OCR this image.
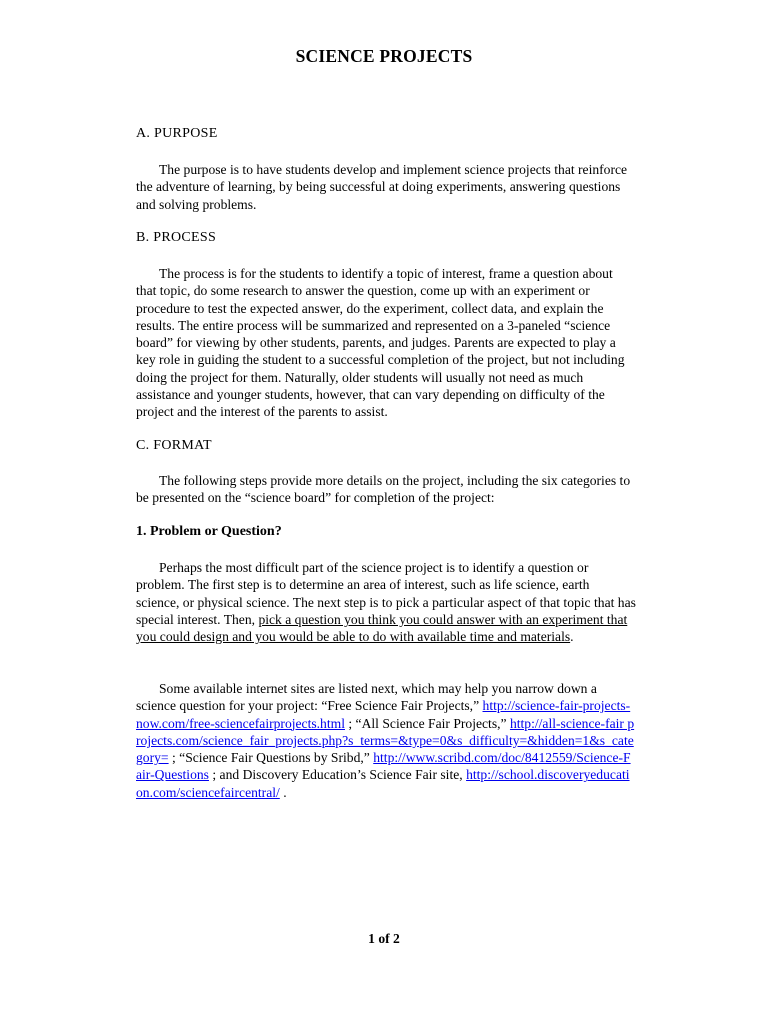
SCIENCE PROJECTS
A. PURPOSE

The purpose is to have students develop and implement science projects that reinforce the adventure of learning, by being successful at doing experiments, answering questions and solving problems.

B. PROCESS

The process is for the students to identify a topic of interest, frame a question about that topic, do some research to answer the question, come up with an experiment or procedure to test the expected answer, do the experiment, collect data, and explain the results. The entire process will be summarized and represented on a 3-paneled “science board” for viewing by other students, parents, and judges. Parents are expected to play a key role in guiding the student to a successful completion of the project, but not including doing the project for them. Naturally, older students will usually not need as much assistance and younger students, however, that can vary depending on difficulty of the project and the interest of the parents to assist.

C. FORMAT

The following steps provide more details on the project, including the six categories to be presented on the “science board” for completion of the project:

1. Problem or Question?

Perhaps the most difficult part of the science project is to identify a question or problem. The first step is to determine an area of interest, such as life science, earth science, or physical science. The next step is to pick a particular aspect of that topic that has special interest. Then, pick a question you think you could answer with an experiment that you could design and you would be able to do with available time and materials.

Some available internet sites are listed next, which may help you narrow down a science question for your project: “Free Science Fair Projects,” http://science-fair-projects-now.com/free-sciencefairprojects.html ; “All Science Fair Projects,” http://all-science-fair projects.com/science_fair_projects.php?s_terms=&type=0&s_difficulty=&hidden=1&s_category= ; “Science Fair Questions by Sribd,” http://www.scribd.com/doc/8412559/Science-Fair-Questions ; and Discovery Education’s Science Fair site, http://school.discoveryeducation.com/sciencefaircentral/ .

1 of 2
